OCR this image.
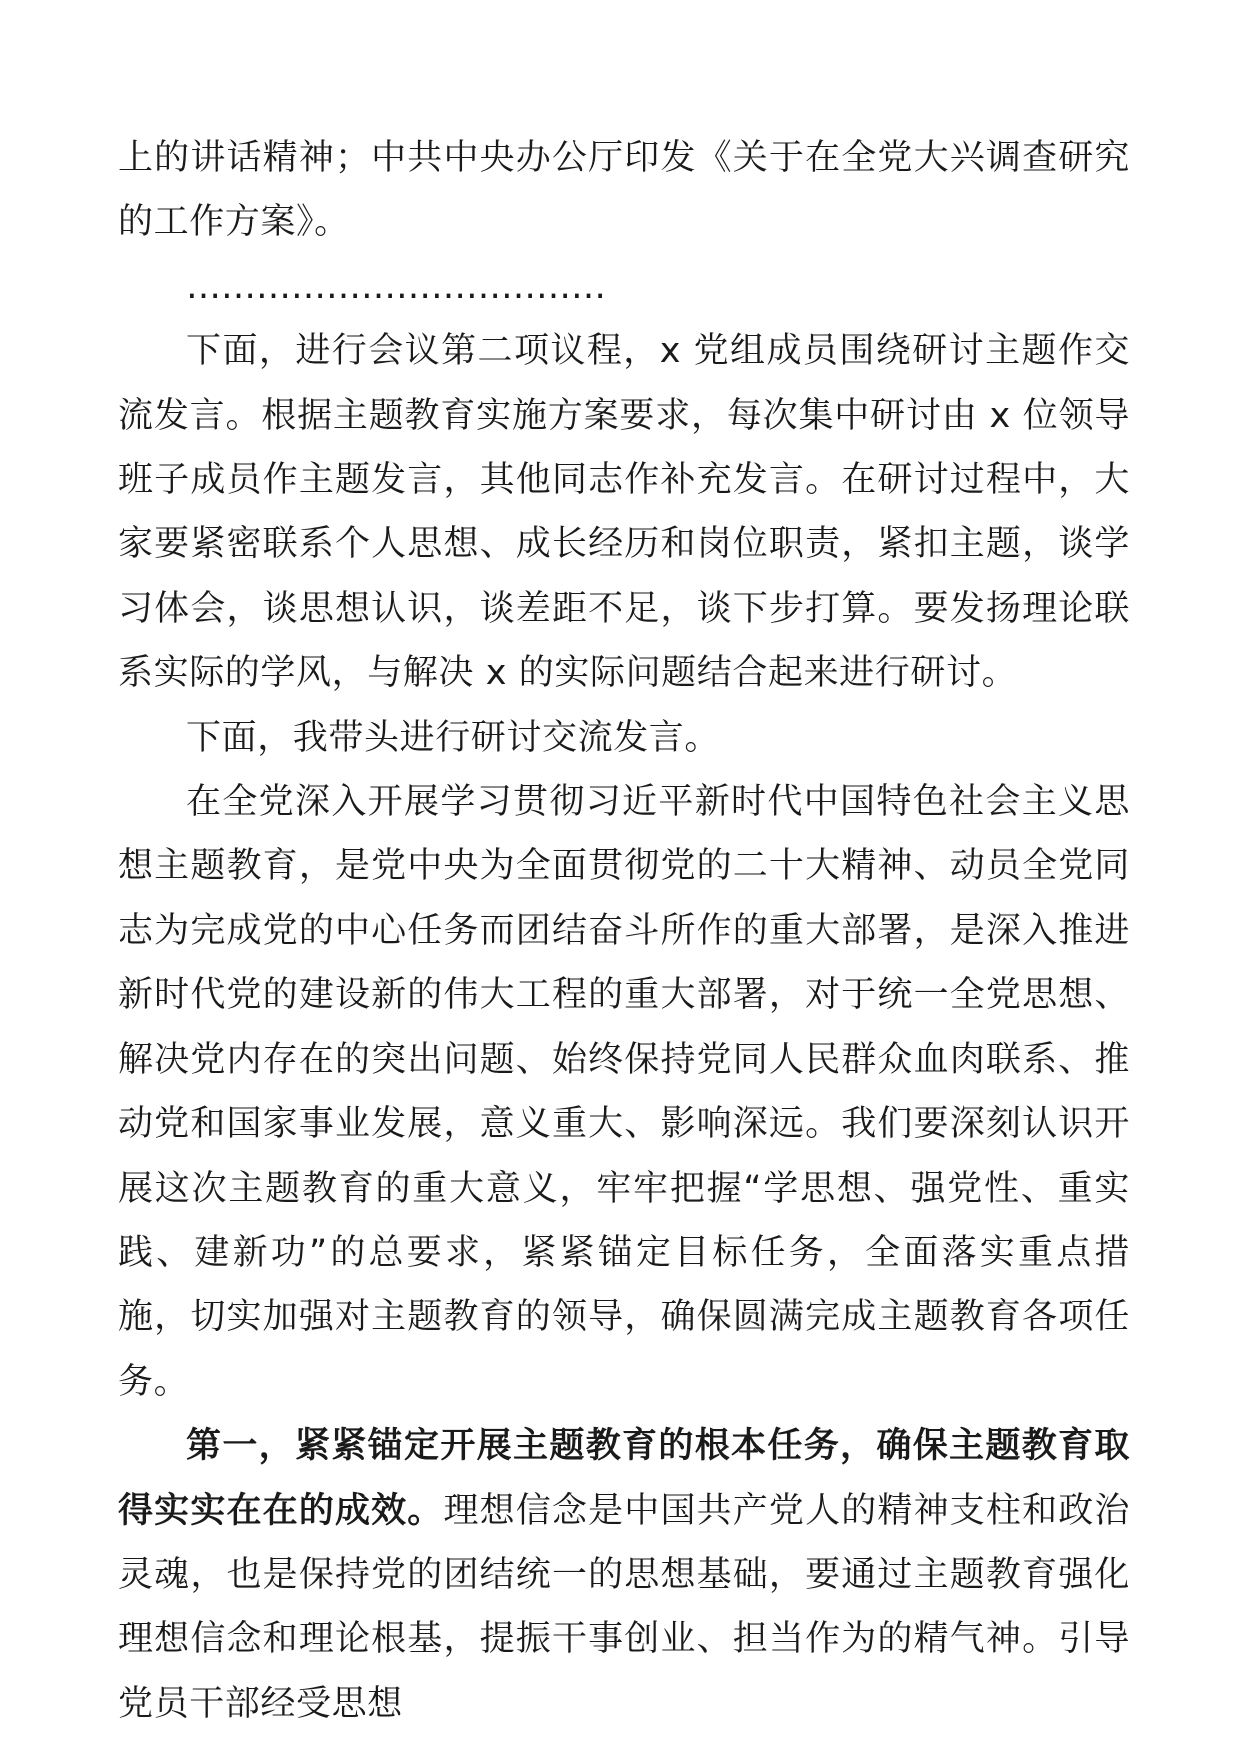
上的讲话精神；中共中央办公厅印发《关于在全党大兴调查研究的工作方案》。

………………………………

下面，进行会议第二项议程，x 党组成员围绕研讨主题作交流发言。根据主题教育实施方案要求，每次集中研讨由 x 位领导班子成员作主题发言，其他同志作补充发言。在研讨过程中，大家要紧密联系个人思想、成长经历和岗位职责，紧扣主题，谈学习体会，谈思想认识，谈差距不足，谈下步打算。要发扬理论联系实际的学风，与解决 x 的实际问题结合起来进行研讨。

下面，我带头进行研讨交流发言。

在全党深入开展学习贯彻习近平新时代中国特色社会主义思想主题教育，是党中央为全面贯彻党的二十大精神、动员全党同志为完成党的中心任务而团结奋斗所作的重大部署，是深入推进新时代党的建设新的伟大工程的重大部署，对于统一全党思想、解决党内存在的突出问题、始终保持党同人民群众血肉联系、推动党和国家事业发展，意义重大、影响深远。我们要深刻认识开展这次主题教育的重大意义，牢牢把握“学思想、强党性、重实践、建新功”的总要求，紧紧锚定目标任务，全面落实重点措施，切实加强对主题教育的领导，确保圆满完成主题教育各项任务。

第一，紧紧锚定开展主题教育的根本任务，确保主题教育取得实实在在的成效。理想信念是中国共产党人的精神支柱和政治灵魂，也是保持党的团结统一的思想基础，要通过主题教育强化理想信念和理论根基，提振干事创业、担当作为的精气神。引导党员干部经受思想
